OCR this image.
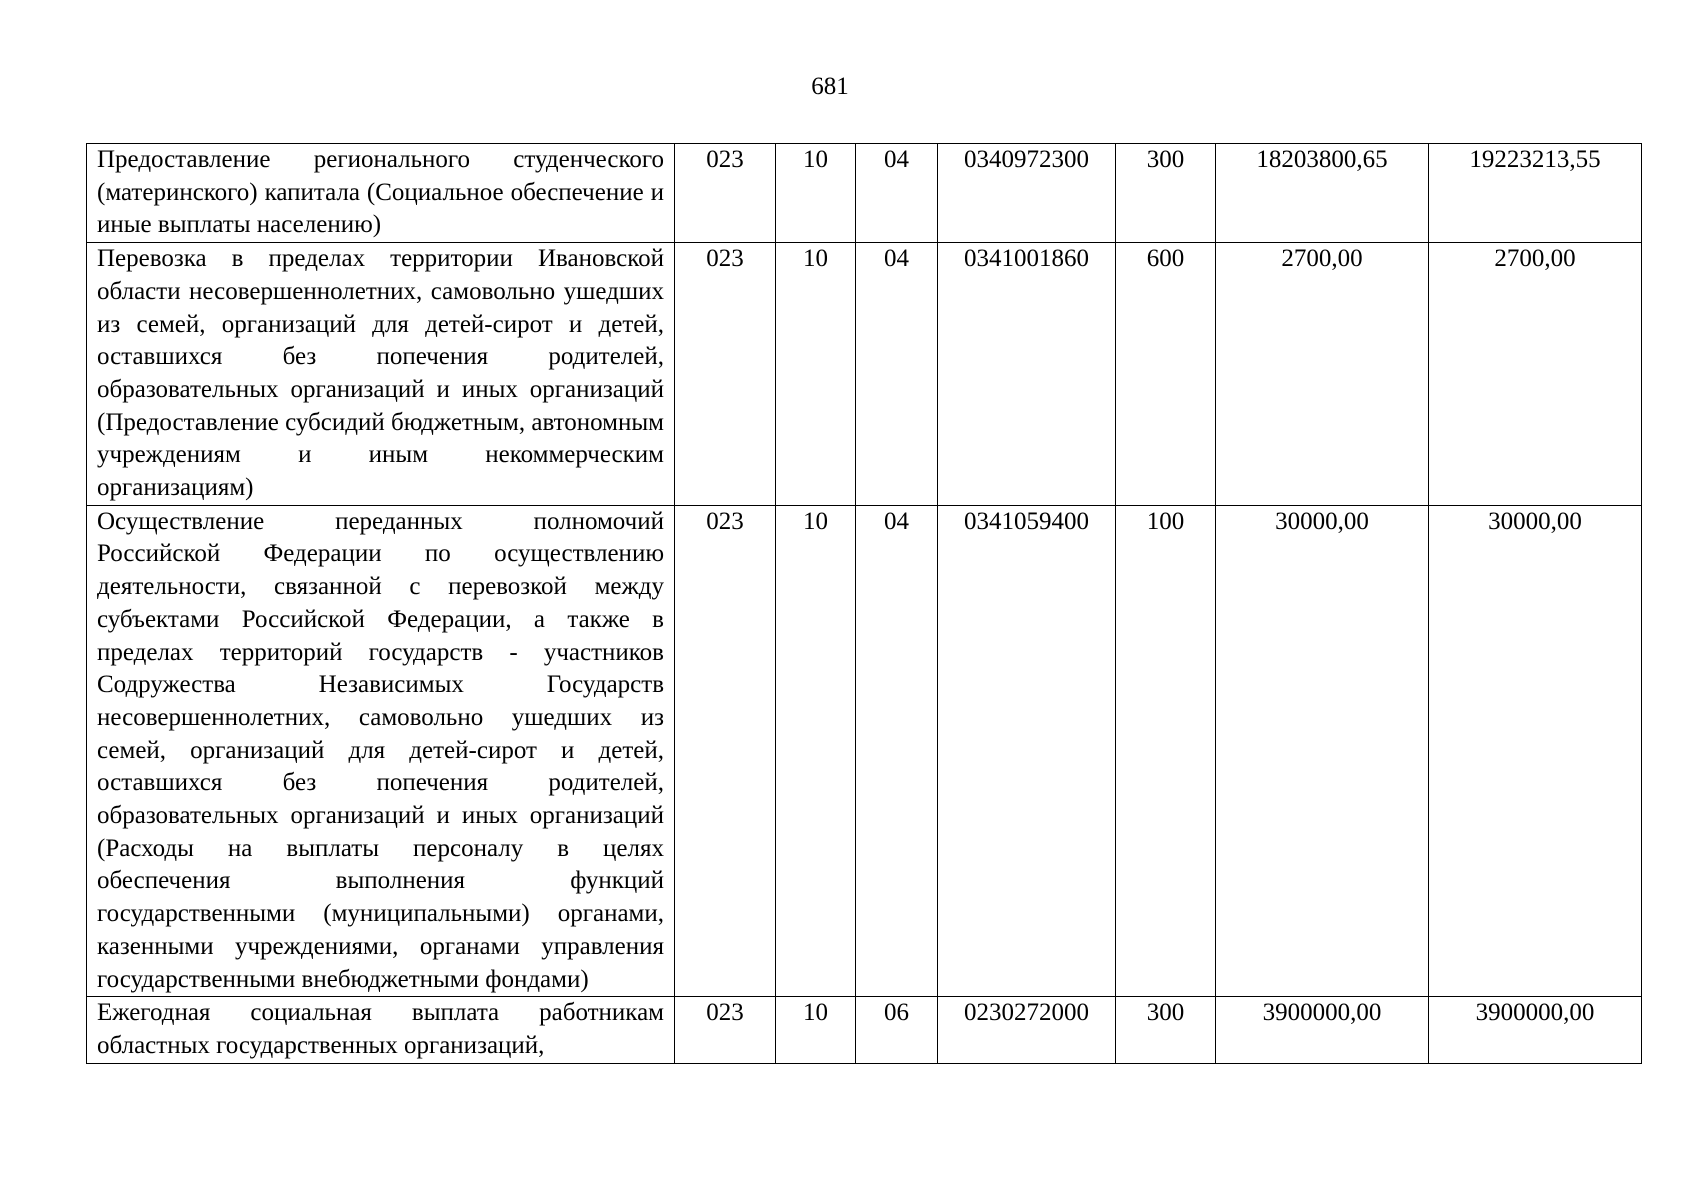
681
Предоставление регионального студенческого (материнского) капитала (Социальное обеспечение и иные выплаты населению)	023	10	04	0340972300	300	18203800,65	19223213,55
Перевозка в пределах территории Ивановской области несовершеннолетних, самовольно ушедших из семей, организаций для детей-сирот и детей, оставшихся без попечения родителей, образовательных организаций и иных организаций (Предоставление субсидий бюджетным, автономным учреждениям и иным некоммерческим организациям)	023	10	04	0341001860	600	2700,00	2700,00
Осуществление переданных полномочий Российской Федерации по осуществлению деятельности, связанной с перевозкой между субъектами Российской Федерации, а также в пределах территорий государств - участников Содружества Независимых Государств несовершеннолетних, самовольно ушедших из семей, организаций для детей-сирот и детей, оставшихся без попечения родителей, образовательных организаций и иных организаций (Расходы на выплаты персоналу в целях обеспечения выполнения функций государственными (муниципальными) органами, казенными учреждениями, органами управления государственными внебюджетными фондами)	023	10	04	0341059400	100	30000,00	30000,00
Ежегодная социальная выплата работникам областных государственных организаций,	023	10	06	0230272000	300	3900000,00	3900000,00
